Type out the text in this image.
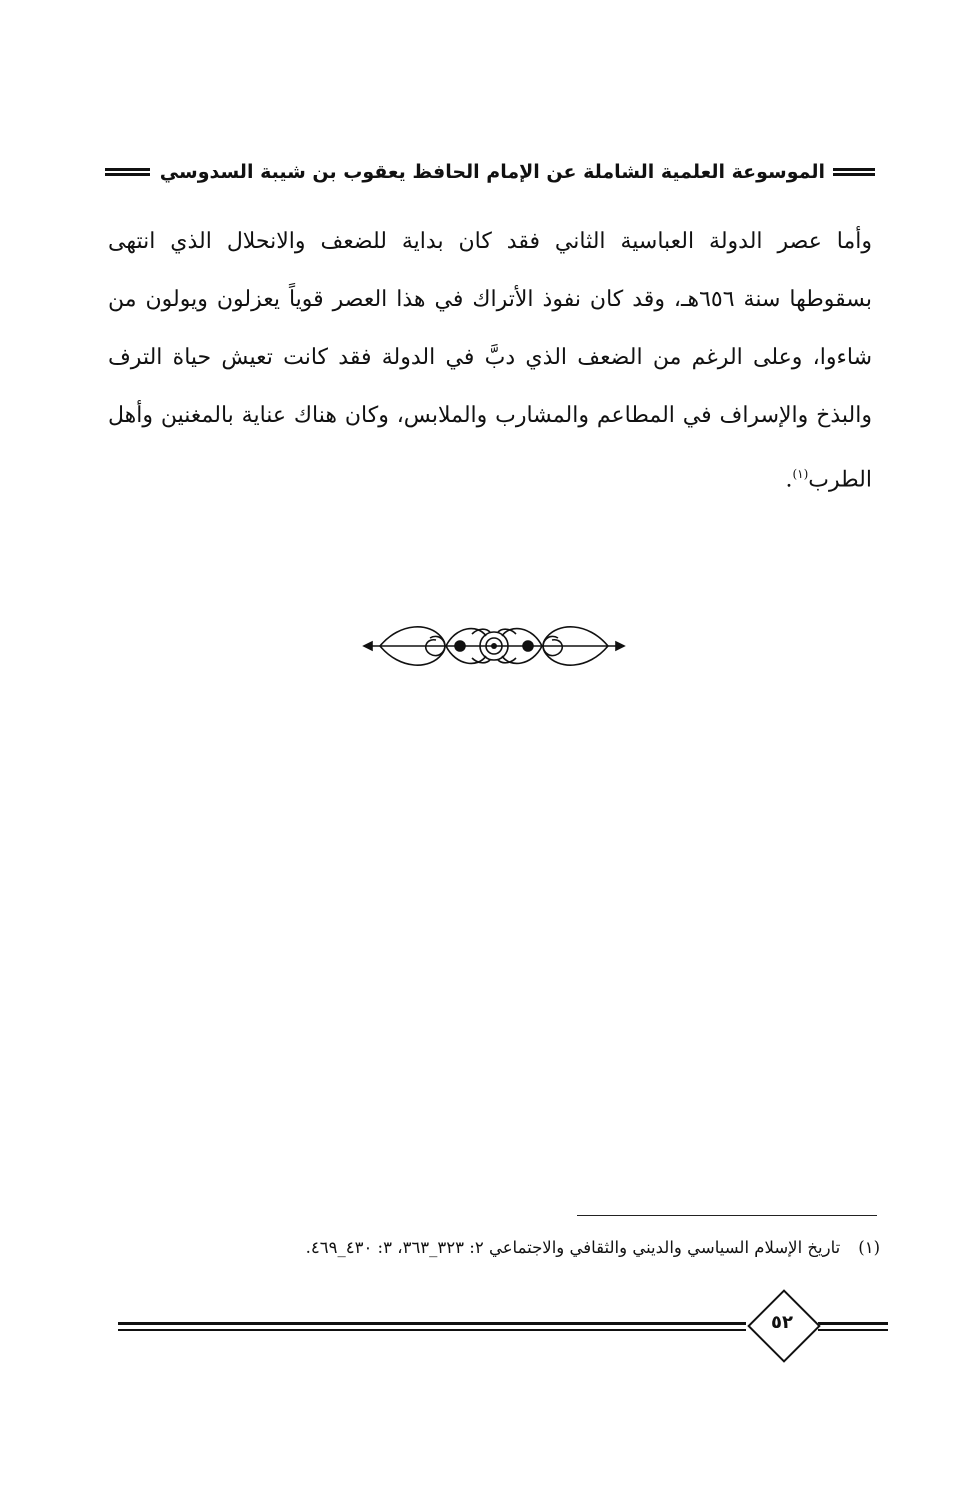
الموسوعة العلمية الشاملة عن الإمام الحافظ يعقوب بن شيبة السدوسي

وأما عصر الدولة العباسية الثاني فقد كان بداية للضعف والانحلال الذي انتهى بسقوطها سنة ٦٥٦هـ، وقد كان نفوذ الأتراك في هذا العصر قوياً يعزلون ويولون من شاءوا، وعلى الرغم من الضعف الذي دبَّ في الدولة فقد كانت تعيش حياة الترف والبذخ والإسراف في المطاعم والمشارب والملابس، وكان هناك عناية بالمغنين وأهل الطرب$^{(١)}$.

(١)تاريخ الإسلام السياسي والديني والثقافي والاجتماعي ٢: ٣٢٣_٣٦٣، ٣: ٤٣٠_٤٦٩.
٥٢
